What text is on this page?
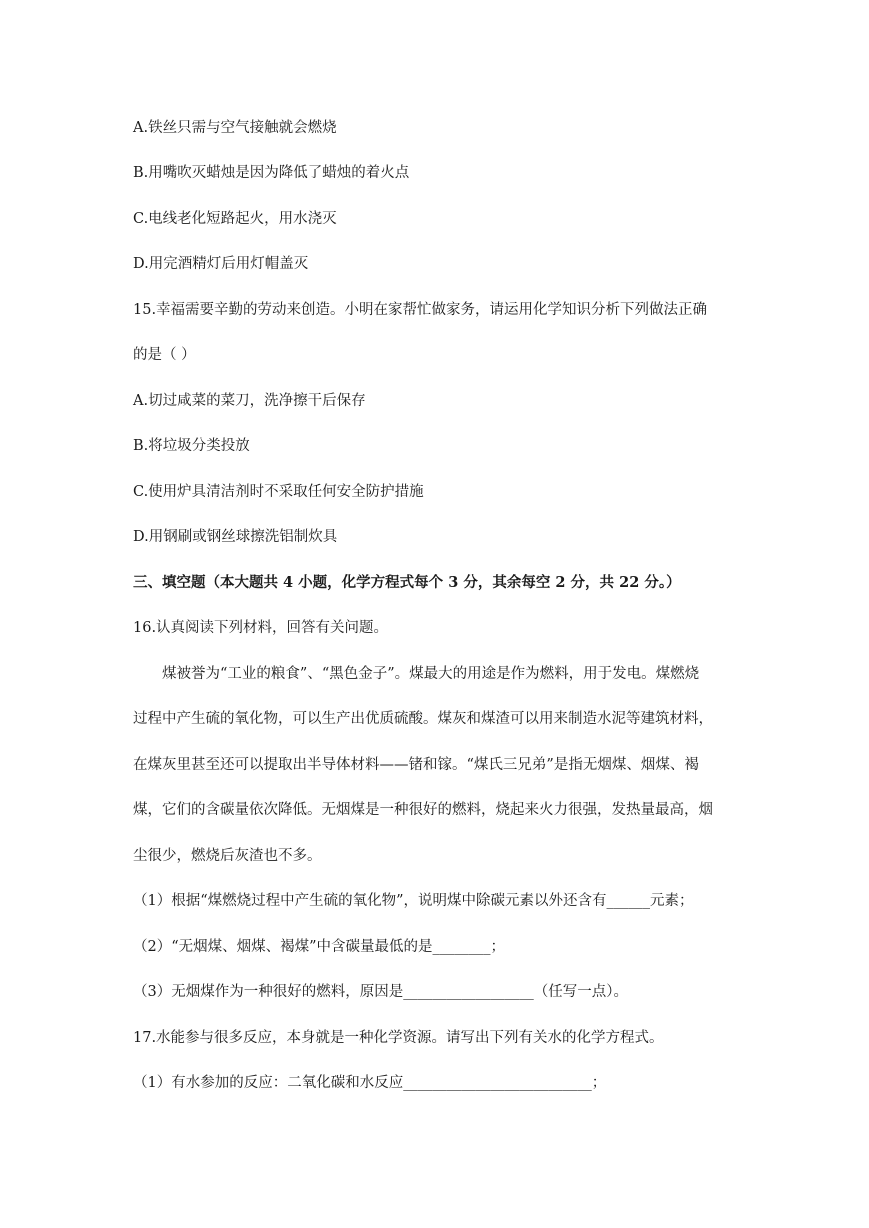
A.铁丝只需与空气接触就会燃烧
B.用嘴吹灭蜡烛是因为降低了蜡烛的着火点
C.电线老化短路起火，用水浇灭
D.用完酒精灯后用灯帽盖灭
15.幸福需要辛勤的劳动来创造。小明在家帮忙做家务，请运用化学知识分析下列做法正确
的是（ ）
A.切过咸菜的菜刀，洗净擦干后保存
B.将垃圾分类投放
C.使用炉具清洁剂时不采取任何安全防护措施
D.用钢刷或钢丝球擦洗铝制炊具
三、填空题（本大题共 4 小题，化学方程式每个 3 分，其余每空 2 分，共 22 分。）
16.认真阅读下列材料，回答有关问题。
煤被誉为“工业的粮食”、“黑色金子”。煤最大的用途是作为燃料，用于发电。煤燃烧
过程中产生硫的氧化物，可以生产出优质硫酸。煤灰和煤渣可以用来制造水泥等建筑材料，
在煤灰里甚至还可以提取出半导体材料——锗和镓。“煤氏三兄弟”是指无烟煤、烟煤、褐
煤，它们的含碳量依次降低。无烟煤是一种很好的燃料，烧起来火力很强，发热量最高，烟
尘很少，燃烧后灰渣也不多。
（1）根据“煤燃烧过程中产生硫的氧化物”，说明煤中除碳元素以外还含有______元素；
（2）“无烟煤、烟煤、褐煤”中含碳量最低的是________；
（3）无烟煤作为一种很好的燃料，原因是__________________（任写一点）。
17.水能参与很多反应，本身就是一种化学资源。请写出下列有关水的化学方程式。
（1）有水参加的反应：二氧化碳和水反应__________________________；
